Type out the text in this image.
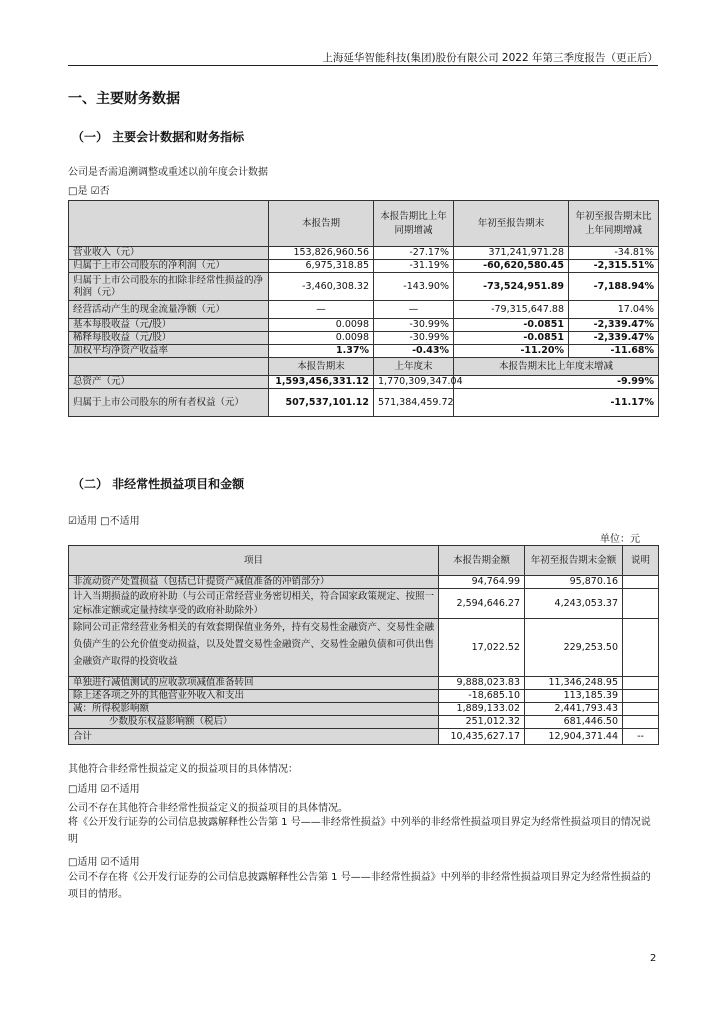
上海延华智能科技(集团)股份有限公司 2022 年第三季度报告（更正后）
一、主要财务数据
（一） 主要会计数据和财务指标
公司是否需追溯调整或重述以前年度会计数据
□是 ☑否
	本报告期	本报告期比上年同期增减	年初至报告期末	年初至报告期末比上年同期增减
营业收入（元）	153,826,960.56	-27.17%	371,241,971.28	-34.81%
归属于上市公司股东的净利润（元）	6,975,318.85	-31.19%	-60,620,580.45	-2,315.51%
归属于上市公司股东的扣除非经常性损益的净利润（元）	-3,460,308.32	-143.90%	-73,524,951.89	-7,188.94%
经营活动产生的现金流量净额（元）	—	—	-79,315,647.88	17.04%
基本每股收益（元/股）	0.0098	-30.99%	-0.0851	-2,339.47%
稀释每股收益（元/股）	0.0098	-30.99%	-0.0851	-2,339.47%
加权平均净资产收益率	1.37%	-0.43%	-11.20%	-11.68%
	本报告期末	上年度末	本报告期末比上年度末增减	
总资产（元）	1,593,456,331.12	1,770,309,347.04	-9.99%	
归属于上市公司股东的所有者权益（元）	507,537,101.12	571,384,459.72	-11.17%	
（二） 非经常性损益项目和金额
☑适用 □不适用
单位：元
项目	本报告期金额	年初至报告期末金额	说明
非流动资产处置损益（包括已计提资产减值准备的冲销部分）	94,764.99	95,870.16	
计入当期损益的政府补助（与公司正常经营业务密切相关，符合国家政策规定、按照一定标准定额或定量持续享受的政府补助除外）	2,594,646.27	4,243,053.37	
除同公司正常经营业务相关的有效套期保值业务外，持有交易性金融资产、交易性金融负债产生的公允价值变动损益，以及处置交易性金融资产、交易性金融负债和可供出售金融资产取得的投资收益	17,022.52	229,253.50	
单独进行减值测试的应收款项减值准备转回	9,888,023.83	11,346,248.95	
除上述各项之外的其他营业外收入和支出	-18,685.10	113,185.39	
减：所得税影响额	1,889,133.02	2,441,793.43	
少数股东权益影响额（税后）	251,012.32	681,446.50	
合计	10,435,627.17	12,904,371.44	--
其他符合非经常性损益定义的损益项目的具体情况：
□适用 ☑不适用
公司不存在其他符合非经常性损益定义的损益项目的具体情况。
将《公开发行证券的公司信息披露解释性公告第 1 号——非经常性损益》中列举的非经常性损益项目界定为经常性损益项目的情况说明
□适用 ☑不适用
公司不存在将《公开发行证券的公司信息披露解释性公告第 1 号——非经常性损益》中列举的非经常性损益项目界定为经常性损益的项目的情形。
2
